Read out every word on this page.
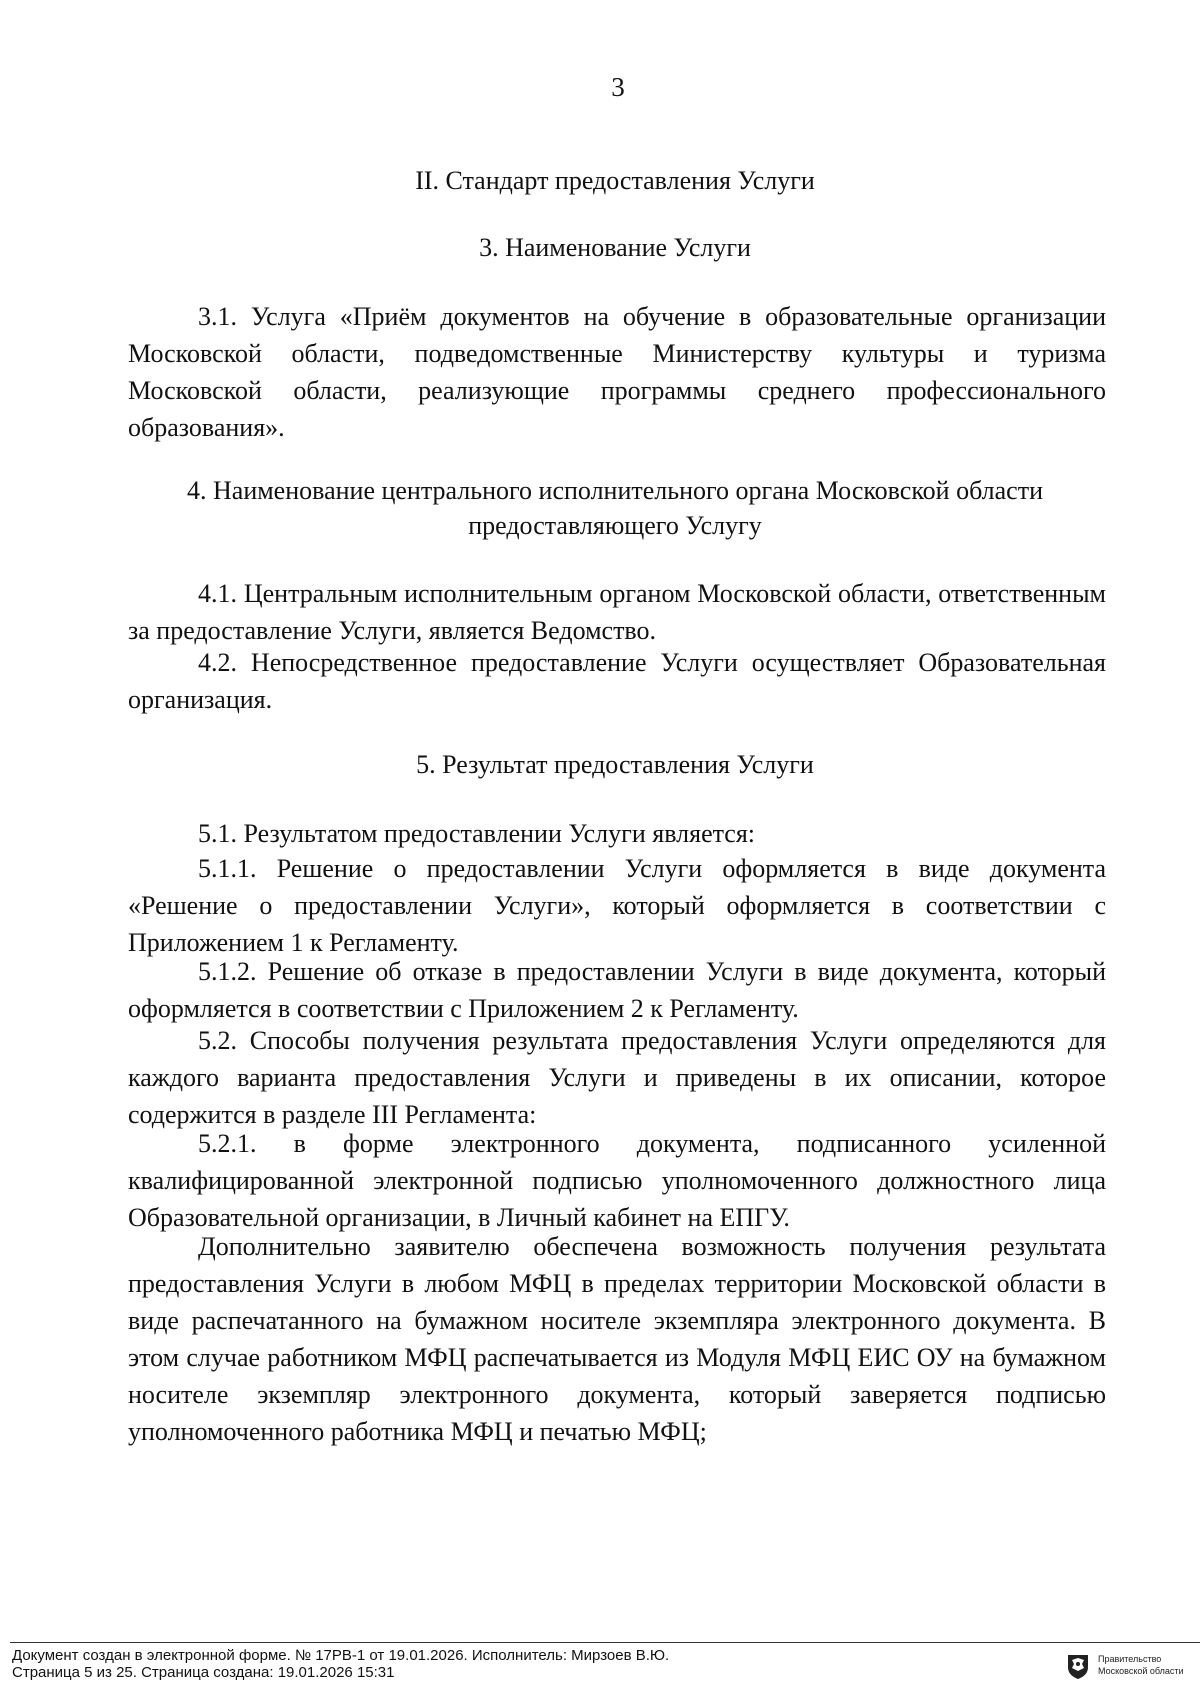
3
II. Стандарт предоставления Услуги
3. Наименование Услуги
3.1. Услуга «Приём документов на обучение в образовательные организации Московской области, подведомственные Министерству культуры и туризма Московской области, реализующие программы среднего профессионального образования».
4. Наименование центрального исполнительного органа Московской области
предоставляющего Услугу
4.1. Центральным исполнительным органом Московской области, ответственным за предоставление Услуги, является Ведомство.
4.2. Непосредственное предоставление Услуги осуществляет Образовательная организация.
5. Результат предоставления Услуги
5.1. Результатом предоставлении Услуги является:
5.1.1. Решение о предоставлении Услуги оформляется в виде документа «Решение о предоставлении Услуги», который оформляется в соответствии с Приложением 1 к Регламенту.
5.1.2. Решение об отказе в предоставлении Услуги в виде документа, который оформляется в соответствии с Приложением 2 к Регламенту.
5.2. Способы получения результата предоставления Услуги определяются для каждого варианта предоставления Услуги и приведены в их описании, которое содержится в разделе III Регламента:
5.2.1. в форме электронного документа, подписанного усиленной квалифицированной электронной подписью уполномоченного должностного лица Образовательной организации, в Личный кабинет на ЕПГУ.
Дополнительно заявителю обеспечена возможность получения результата предоставления Услуги в любом МФЦ в пределах территории Московской области в виде распечатанного на бумажном носителе экземпляра электронного документа. В этом случае работником МФЦ распечатывается из Модуля МФЦ ЕИС ОУ на бумажном носителе экземпляр электронного документа, который заверяется подписью уполномоченного работника МФЦ и печатью МФЦ;
Документ создан в электронной форме. № 17РВ-1 от 19.01.2026. Исполнитель: Мирзоев В.Ю.
Страница 5 из 25. Страница создана: 19.01.2026 15:31
Правительство
Московской области
